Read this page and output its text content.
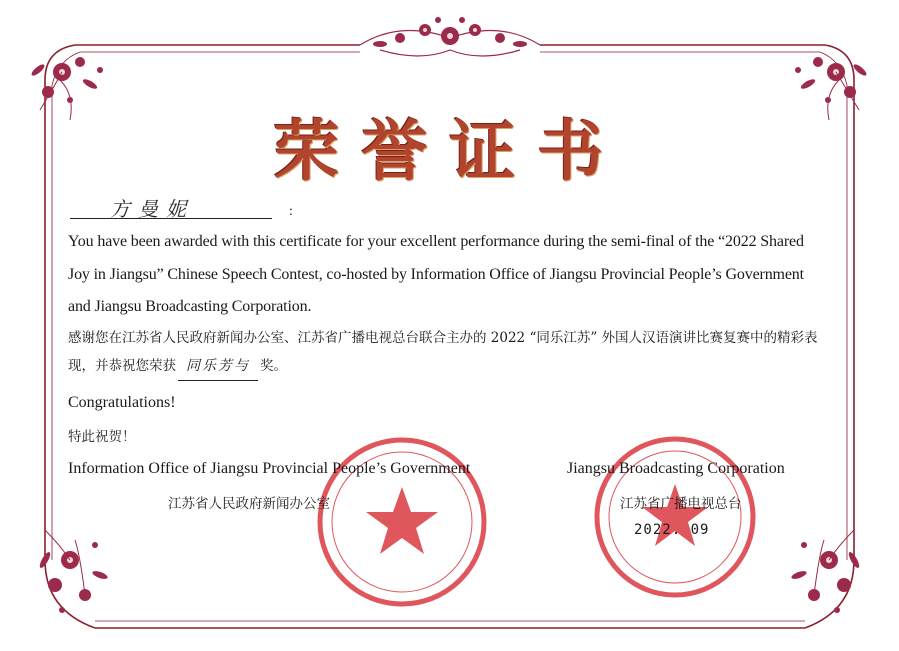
荣誉证书
方曼妮	:
You have been awarded with this certificate for your excellent performance during the semi-final of the “2022 Shared Joy in Jiangsu” Chinese Speech Contest, co-hosted by Information Office of Jiangsu Provincial People’s Government and Jiangsu Broadcasting Corporation.
感谢您在江苏省人民政府新闻办公室、江苏省广播电视总台联合主办的 2022 “同乐江苏” 外国人汉语演讲比赛复赛中的精彩表现，并恭祝您荣获 同乐芳与 奖。
Congratulations!
特此祝贺！
Information Office of Jiangsu Provincial People’s Government
江苏省人民政府新闻办公室
Jiangsu Broadcasting Corporation
江苏省广播电视总台
2022. 09
